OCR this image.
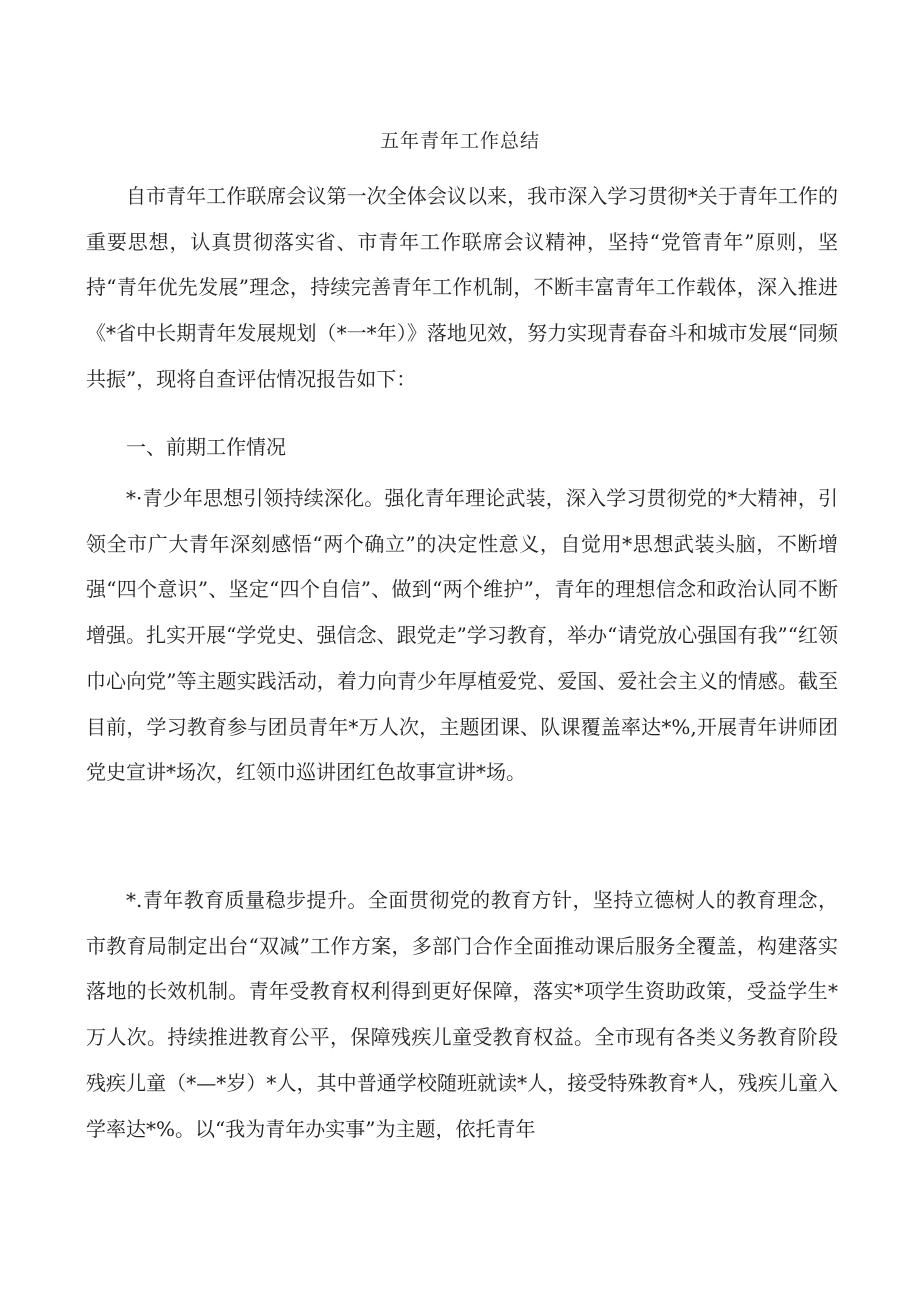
五年青年工作总结

自市青年工作联席会议第一次全体会议以来，我市深入学习贯彻*关于青年工作的重要思想，认真贯彻落实省、市青年工作联席会议精神，坚持“党管青年”原则，坚持“青年优先发展”理念，持续完善青年工作机制，不断丰富青年工作载体，深入推进《*省中长期青年发展规划（*一*年）》落地见效，努力实现青春奋斗和城市发展“同频共振”，现将自查评估情况报告如下：

一、前期工作情况

*·青少年思想引领持续深化。强化青年理论武装，深入学习贯彻党的*大精神，引领全市广大青年深刻感悟“两个确立”的决定性意义，自觉用*思想武装头脑，不断增强“四个意识”、坚定“四个自信”、做到“两个维护”，青年的理想信念和政治认同不断增强。扎实开展“学党史、强信念、跟党走”学习教育，举办“请党放心强国有我”“红领巾心向党”等主题实践活动，着力向青少年厚植爱党、爱国、爱社会主义的情感。截至目前，学习教育参与团员青年*万人次，主题团课、队课覆盖率达*%,开展青年讲师团党史宣讲*场次，红领巾巡讲团红色故事宣讲*场。

*.青年教育质量稳步提升。全面贯彻党的教育方针，坚持立德树人的教育理念，市教育局制定出台“双减”工作方案，多部门合作全面推动课后服务全覆盖，构建落实落地的长效机制。青年受教育权利得到更好保障，落实*项学生资助政策，受益学生*万人次。持续推进教育公平，保障残疾儿童受教育权益。全市现有各类义务教育阶段残疾儿童（*—*岁）*人，其中普通学校随班就读*人，接受特殊教育*人，残疾儿童入学率达*%。以“我为青年办实事”为主题，依托青年
